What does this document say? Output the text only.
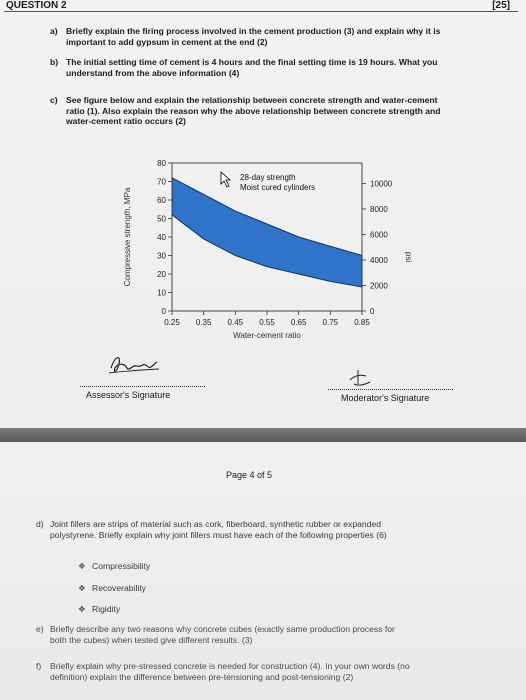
QUESTION 2	[25]
a) Briefly explain the firing process involved in the cement production (3) and explain why it is
important to add gypsum in cement at the end (2)
b) The initial setting time of cement is 4 hours and the final setting time is 19 hours. What you
understand from the above information (4)
c) See figure below and explain the relationship between concrete strength and water-cement
ratio (1). Also explain the reason why the above relationship between concrete strength and
water-cement ratio occurs (2)
0
10
20
30
40
50
60
70
80
0
2000
4000
6000
8000
10000
0.25 0.35 0.45 0.55 0.65 0.75 0.85
Water-cement ratio
Compressive strength, MPa	psi
28-day strength
Moist cured cylinders
Assessor's Signature	Moderator's Signature
Page 4 of 5
d) Joint fillers are strips of material such as cork, fiberboard, synthetic rubber or expanded
polystyrene. Briefly explain why joint fillers must have each of the following properties (6)
❖ Compressibility
❖ Recoverability
❖ Rigidity
e) Briefly describe any two reasons why concrete cubes (exactly same production process for
both the cubes) when tested give different results. (3)
f) Briefly explain why pre-stressed concrete is needed for construction (4). In your own words (no
definition) explain the difference between pre-tensioning and post-tensioning (2)
